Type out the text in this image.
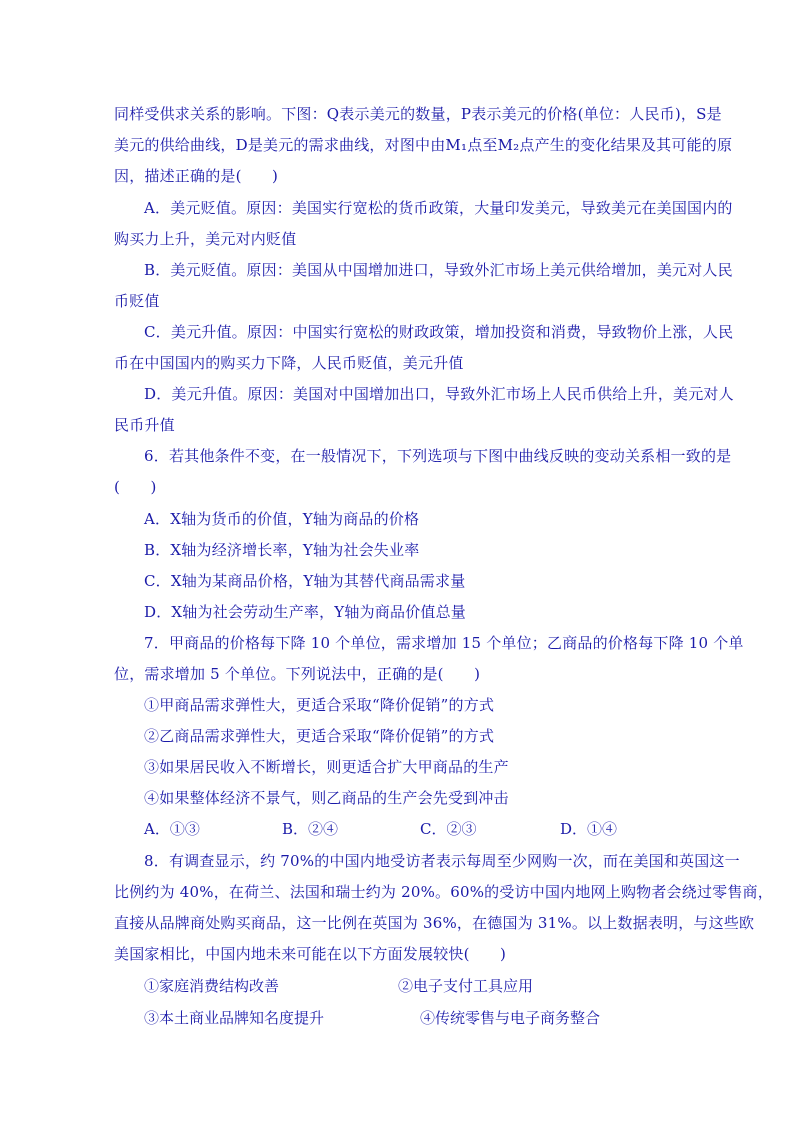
同样受供求关系的影响。下图：Q表示美元的数量，P表示美元的价格(单位：人民币)，S是
美元的供给曲线，D是美元的需求曲线，对图中由M₁点至M₂点产生的变化结果及其可能的原
因，描述正确的是(　　)
A．美元贬值。原因：美国实行宽松的货币政策，大量印发美元，导致美元在美国国内的
购买力上升，美元对内贬值
B．美元贬值。原因：美国从中国增加进口，导致外汇市场上美元供给增加，美元对人民
币贬值
C．美元升值。原因：中国实行宽松的财政政策，增加投资和消费，导致物价上涨，人民
币在中国国内的购买力下降，人民币贬值，美元升值
D．美元升值。原因：美国对中国增加出口，导致外汇市场上人民币供给上升，美元对人
民币升值
6．若其他条件不变，在一般情况下，下列选项与下图中曲线反映的变动关系相一致的是
(　　)
A．X轴为货币的价值，Y轴为商品的价格
B．X轴为经济增长率，Y轴为社会失业率
C．X轴为某商品价格，Y轴为其替代商品需求量
D．X轴为社会劳动生产率，Y轴为商品价值总量
7．甲商品的价格每下降 10 个单位，需求增加 15 个单位；乙商品的价格每下降 10 个单
位，需求增加 5 个单位。下列说法中，正确的是(　　)
①甲商品需求弹性大，更适合采取“降价促销”的方式
②乙商品需求弹性大，更适合采取“降价促销”的方式
③如果居民收入不断增长，则更适合扩大甲商品的生产
④如果整体经济不景气，则乙商品的生产会先受到冲击
A．①③	B．②④	C．②③	D．①④
8．有调查显示，约 70%的中国内地受访者表示每周至少网购一次，而在美国和英国这一
比例约为 40%，在荷兰、法国和瑞士约为 20%。60%的受访中国内地网上购物者会绕过零售商，
直接从品牌商处购买商品，这一比例在英国为 36%，在德国为 31%。以上数据表明，与这些欧
美国家相比，中国内地未来可能在以下方面发展较快(　　)
①家庭消费结构改善	②电子支付工具应用
③本土商业品牌知名度提升	④传统零售与电子商务整合
